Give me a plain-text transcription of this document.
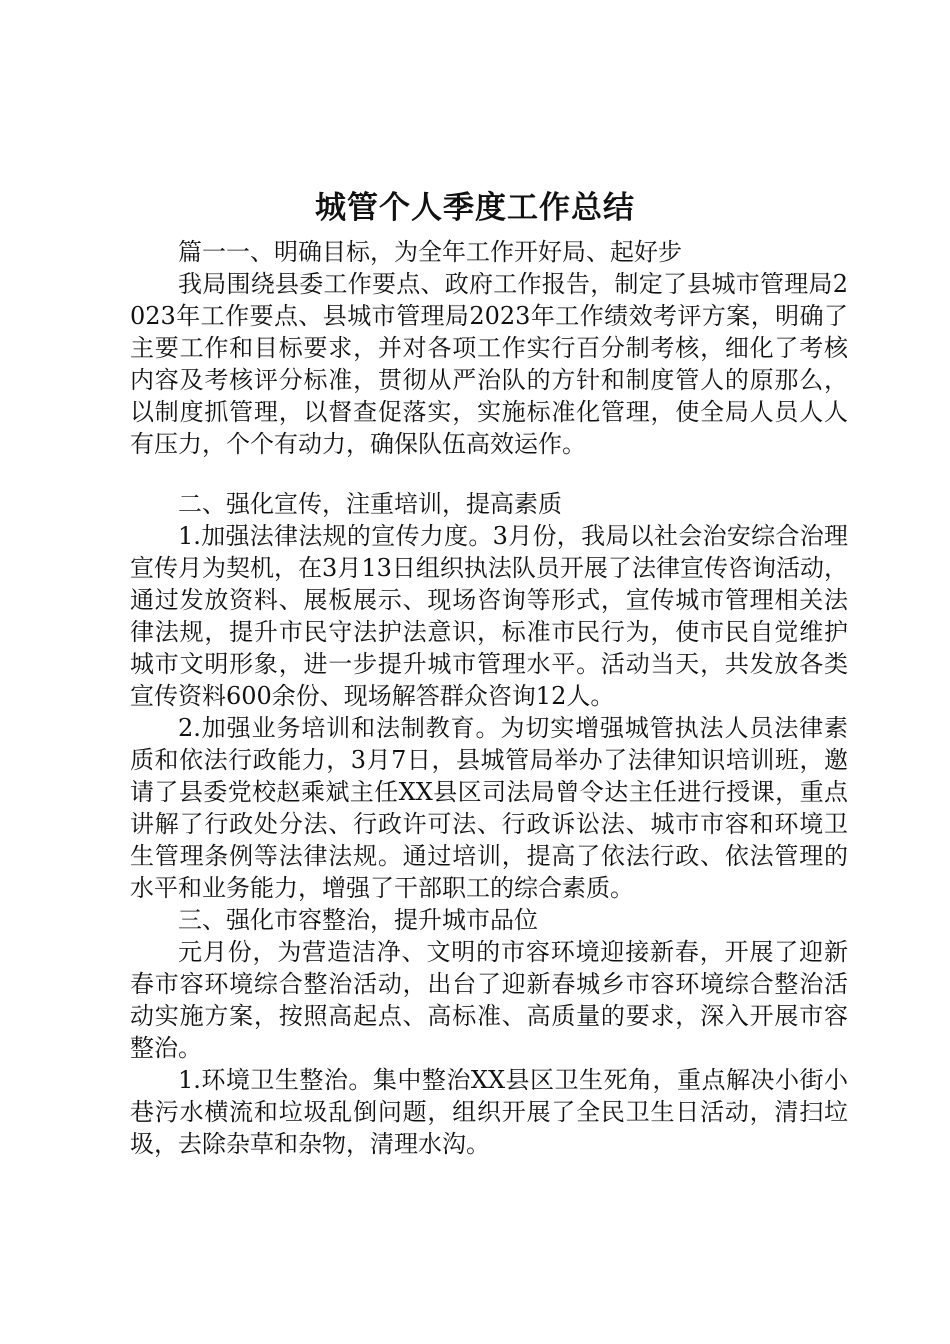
城管个人季度工作总结

篇一一、明确目标，为全年工作开好局、起好步

我局围绕县委工作要点、政府工作报告，制定了县城市管理局2023年工作要点、县城市管理局2023年工作绩效考评方案，明确了主要工作和目标要求，并对各项工作实行百分制考核，细化了考核内容及考核评分标准，贯彻从严治队的方针和制度管人的原那么，以制度抓管理，以督查促落实，实施标准化管理，使全局人员人人有压力，个个有动力，确保队伍高效运作。

二、强化宣传，注重培训，提高素质

1.加强法律法规的宣传力度。3月份，我局以社会治安综合治理宣传月为契机，在3月13日组织执法队员开展了法律宣传咨询活动，通过发放资料、展板展示、现场咨询等形式，宣传城市管理相关法律法规，提升市民守法护法意识，标准市民行为，使市民自觉维护城市文明形象，进一步提升城市管理水平。活动当天，共发放各类宣传资料600余份、现场解答群众咨询12人。

2.加强业务培训和法制教育。为切实增强城管执法人员法律素质和依法行政能力，3月7日，县城管局举办了法律知识培训班，邀请了县委党校赵乘斌主任XX县区司法局曾令达主任进行授课，重点讲解了行政处分法、行政许可法、行政诉讼法、城市市容和环境卫生管理条例等法律法规。通过培训，提高了依法行政、依法管理的水平和业务能力，增强了干部职工的综合素质。

三、强化市容整治，提升城市品位

元月份，为营造洁净、文明的市容环境迎接新春，开展了迎新春市容环境综合整治活动，出台了迎新春城乡市容环境综合整治活动实施方案，按照高起点、高标准、高质量的要求，深入开展市容整治。

1.环境卫生整治。集中整治XX县区卫生死角，重点解决小街小巷污水横流和垃圾乱倒问题，组织开展了全民卫生日活动，清扫垃圾，去除杂草和杂物，清理水沟。
